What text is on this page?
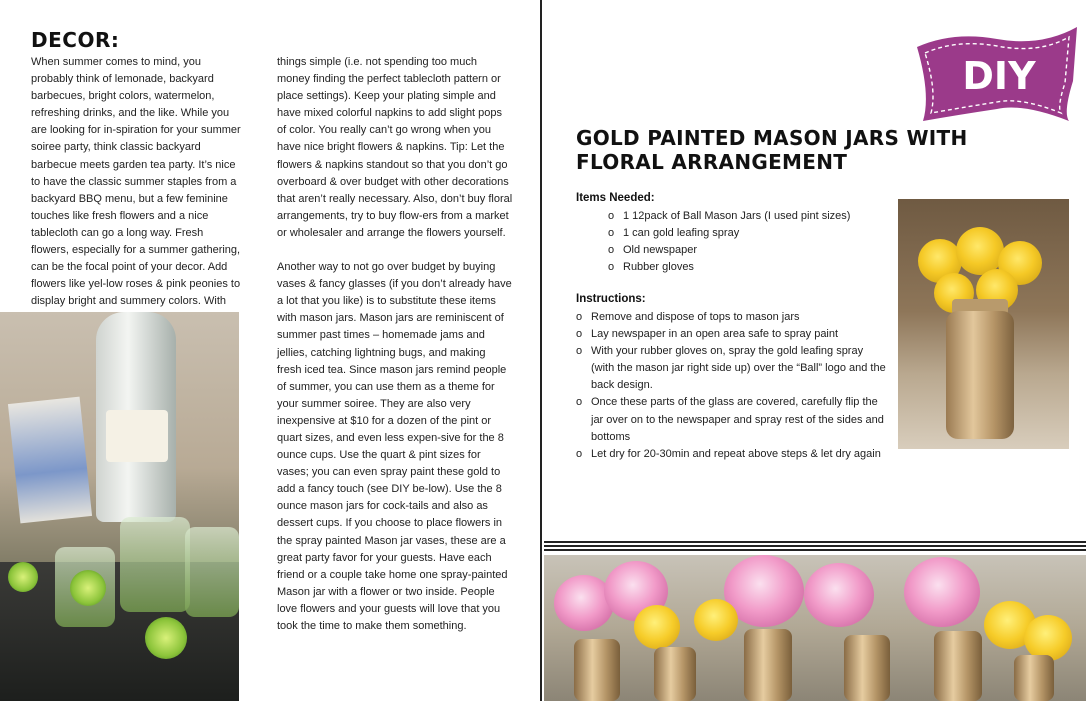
DECOR:

When summer comes to mind, you probably think of lemonade, backyard barbecues, bright colors, watermelon, refreshing drinks, and the like. While you are looking for in-spiration for your summer soiree party, think classic backyard barbecue meets garden tea party. It’s nice to have the classic summer staples from a backyard BBQ menu, but a few feminine touches like fresh flowers and a nice tablecloth can go a long way. Fresh flowers, especially for a summer gathering, can be the focal point of your decor. Add flowers like yel-low roses & pink peonies to display bright and summery colors. With

things simple (i.e. not spending too much money finding the perfect tablecloth pattern or place settings). Keep your plating simple and have mixed colorful napkins to add slight pops of color. You really can’t go wrong when you have nice bright flowers & napkins. Tip: Let the flowers & napkins standout so that you don’t go overboard & over budget with other decorations that aren’t really necessary. Also, don’t buy floral arrangements, try to buy flow-ers from a market or wholesaler and arrange the flowers yourself.

Another way to not go over budget by buying vases & fancy glasses (if you don’t already have a lot that you like) is to substitute these items with mason jars. Mason jars are reminiscent of summer past times – homemade jams and jellies, catching lightning bugs, and making fresh iced tea. Since mason jars remind people of summer, you can use them as a theme for your summer soiree. They are also very inexpensive at $10 for a dozen of the pint or quart sizes, and even less expen-sive for the 8 ounce cups. Use the quart & pint sizes for vases; you can even spray paint these gold to add a fancy touch (see DIY be-low). Use the 8 ounce mason jars for cock-tails and also as dessert cups. If you choose to place flowers in the spray painted Mason jar vases, these are a great party favor for your guests. Have each friend or a couple take home one spray-painted Mason jar with a flower or two inside. People love flowers and your guests will love that you took the time to make them something.

DIY
GOLD PAINTED MASON JARS WITH FLORAL ARRANGEMENT
Items Needed:
o 1 12pack of Ball Mason Jars (I used pint sizes)
o 1 can gold leafing spray
o Old newspaper
o Rubber gloves
Instructions:
o Remove and dispose of tops to mason jars
o Lay newspaper in an open area safe to spray paint
o With your rubber gloves on, spray the gold leafing spray (with the mason jar right side up) over the “Ball” logo and the back design.
o Once these parts of the glass are covered, carefully flip the jar over on to the newspaper and spray rest of the sides and bottoms
o Let dry for 20-30min and repeat above steps & let dry again
